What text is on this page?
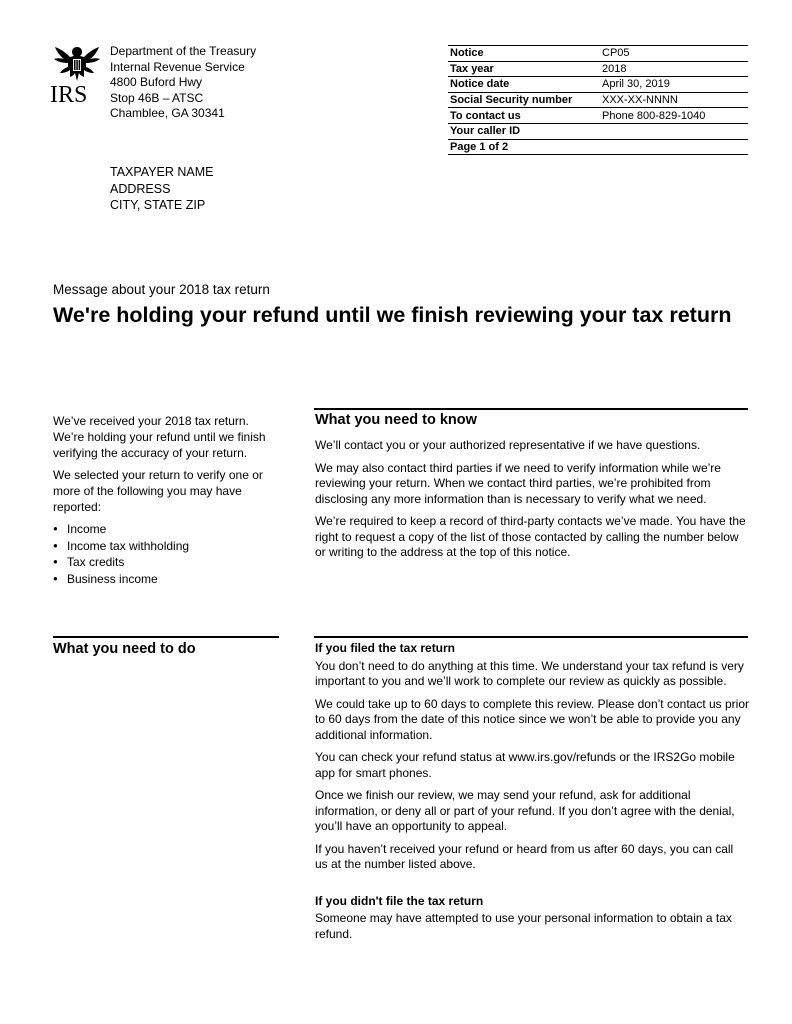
IRS
Department of the Treasury
Internal Revenue Service
4800 Buford Hwy
Stop 46B – ATSC
Chamblee, GA 30341
Notice	CP05
Tax year	2018
Notice date	April 30, 2019
Social Security number	XXX-XX-NNNN
To contact us	Phone 800-829-1040
Your caller ID	
Page 1 of 2	
TAXPAYER NAME
ADDRESS
CITY, STATE ZIP
Message about your 2018 tax return
We're holding your refund until we finish reviewing your tax return

We’ve received your 2018 tax return. We’re holding your refund until we finish verifying the accuracy of your return.

We selected your return to verify one or more of the following you may have reported:

● Income
● Income tax withholding
● Tax credits
● Business income
What you need to know

We’ll contact you or your authorized representative if we have questions.

We may also contact third parties if we need to verify information while we’re reviewing your return. When we contact third parties, we’re prohibited from disclosing any more information than is necessary to verify what we need.

We’re required to keep a record of third-party contacts we’ve made. You have the right to request a copy of the list of those contacted by calling the number below or writing to the address at the top of this notice.

What you need to do	If you filed the tax return

You don’t need to do anything at this time. We understand your tax refund is very important to you and we’ll work to complete our review as quickly as possible.

We could take up to 60 days to complete this review. Please don’t contact us prior to 60 days from the date of this notice since we won’t be able to provide you any additional information.

You can check your refund status at www.irs.gov/refunds or the IRS2Go mobile app for smart phones.

Once we finish our review, we may send your refund, ask for additional information, or deny all or part of your refund. If you don’t agree with the denial, you’ll have an opportunity to appeal.

If you haven’t received your refund or heard from us after 60 days, you can call us at the number listed above.

If you didn't file the tax return

Someone may have attempted to use your personal information to obtain a tax refund.
